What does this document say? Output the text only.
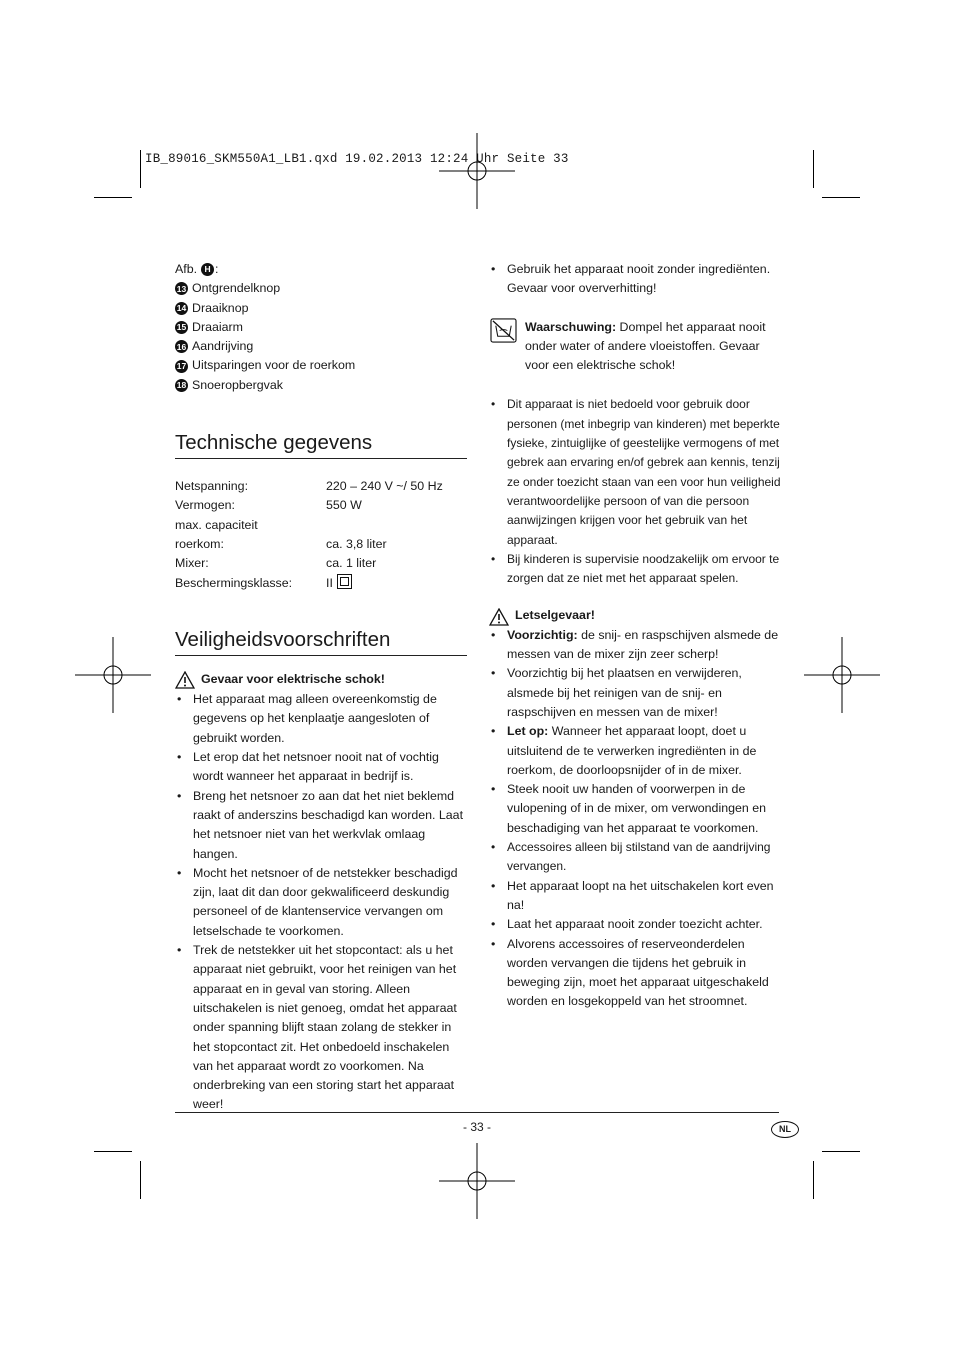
IB_89016_SKM550A1_LB1.qxd 19.02.2013 12:24 Uhr Seite 33
Afb. H :
13 Ontgrendelknop
14 Draaiknop
15 Draaiarm
16 Aandrijving
17 Uitsparingen voor de roerkom
18 Snoeropbergvak
Technische gegevens
Netspanning:	220 – 240 V ~/ 50 Hz
Vermogen:	550 W
max. capaciteit
roerkom:	ca. 3,8 liter
Mixer:	ca. 1 liter
Beschermingsklasse:	II
Veiligheidsvoorschriften
Gevaar voor elektrische schok!
• Het apparaat mag alleen overeenkomstig de gegevens op het kenplaatje aangesloten of gebruikt worden.
• Let erop dat het netsnoer nooit nat of vochtig wordt wanneer het apparaat in bedrijf is.
• Breng het netsnoer zo aan dat het niet beklemd raakt of anderszins beschadigd kan worden. Laat het netsnoer niet van het werkvlak omlaag hangen.
• Mocht het netsnoer of de netstekker beschadigd zijn, laat dit dan door gekwalificeerd deskundig personeel of de klantenservice vervangen om letselschade te voorkomen.
• Trek de netstekker uit het stopcontact: als u het apparaat niet gebruikt, voor het reinigen van het apparaat en in geval van storing. Alleen uitschakelen is niet genoeg, omdat het apparaat onder spanning blijft staan zolang de stekker in het stopcontact zit. Het onbedoeld inschakelen van het apparaat wordt zo voorkomen. Na onderbreking van een storing start het apparaat weer!
• Gebruik het apparaat nooit zonder ingrediënten. Gevaar voor oververhitting!
Waarschuwing: Dompel het apparaat nooit onder water of andere vloeistoffen. Gevaar voor een elektrische schok!
• Dit apparaat is niet bedoeld voor gebruik door personen (met inbegrip van kinderen) met beperkte fysieke, zintuiglijke of geestelijke vermogens of met gebrek aan ervaring en/of gebrek aan kennis, tenzij ze onder toezicht staan van een voor hun veiligheid verantwoordelijke persoon of van die persoon aanwijzingen krijgen voor het gebruik van het apparaat.
• Bij kinderen is supervisie noodzakelijk om ervoor te zorgen dat ze niet met het apparaat spelen.
Letselgevaar!
• Voorzichtig: de snij- en raspschijven alsmede de messen van de mixer zijn zeer scherp!
• Voorzichtig bij het plaatsen en verwijderen, alsmede bij het reinigen van de snij- en raspschijven en messen van de mixer!
• Let op: Wanneer het apparaat loopt, doet u uitsluitend de te verwerken ingrediënten in de roerkom, de doorloopsnijder of in de mixer.
• Steek nooit uw handen of voorwerpen in de vulopening of in de mixer, om verwondingen en beschadiging van het apparaat te voorkomen.
• Accessoires alleen bij stilstand van de aandrijving vervangen.
• Het apparaat loopt na het uitschakelen kort even na!
• Laat het apparaat nooit zonder toezicht achter.
• Alvorens accessoires of reserveonderdelen worden vervangen die tijdens het gebruik in beweging zijn, moet het apparaat uitgeschakeld worden en losgekoppeld van het stroomnet.
- 33 -	NL
